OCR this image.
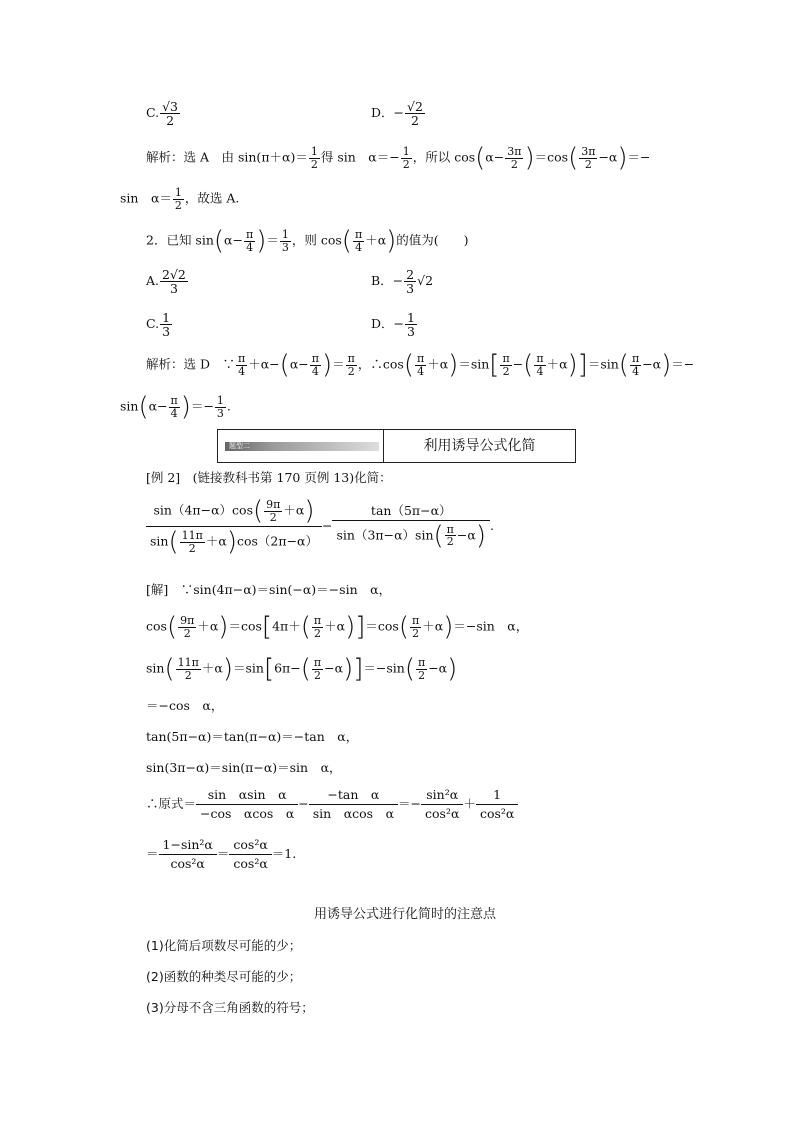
C. $\frac{√3}{2}$	D．− $\frac{√2}{2}$
解析：选 A　由 $\sin(\pi+\alpha)= \frac{1}{2}$ 得 sin　$\alpha=- \frac{1}{2}$ ，所以 $\cos(\alpha- \frac{3\pi}{2} )=\cos( \frac{3\pi}{2} -\alpha)=-$
sin　$\alpha= \frac{1}{2}$ ，故选 A.
2．已知 $\sin(\alpha- \frac{\pi}{4}$ )＝ $\frac{1}{3}$ ，则 $\cos( \frac{\pi}{4} +\alpha)$的值为(　　)
A. $\frac{2√2}{3}$	B．− $\frac{2}{3} √2$
C. $\frac{1}{3}$	D．− $\frac{1}{3}$
解析：选 D　∵ $\frac{\pi}{4} +\alpha-(\alpha- \frac{\pi}{4}$ )＝ $\frac{\pi}{2}$ ，∴cos( $\frac{\pi}{4} +\alpha)=\sin[ \frac{\pi}{2}$ −( $\frac{\pi}{4} +\alpha)]=\sin( \frac{\pi}{4} -\alpha)=-$
$\sin(\alpha- \frac{\pi}{4}$ )＝− $\frac{1}{3}$ .
题型二	利用诱导公式化简
[例 2]　(链接教科书第 170 页例 13)化简：
$\frac{\sin(4\pi-\alpha)\cos( \frac{9\pi}{2} +\alpha)}{\sin( \frac{11\pi}{2} +\alpha)\cos(2\pi-\alpha)} - \frac{\tan(5\pi-\alpha)}{\sin(3\pi-\alpha)\sin( \frac{\pi}{2} -\alpha)}$ .
[解]　∵sin(4π−α)＝sin(−α)＝−sin　α，
$\cos( \frac{9\pi}{2} +\alpha)=\cos[4\pi+( \frac{\pi}{2} +\alpha)]=\cos( \frac{\pi}{2} +\alpha)=-\sin$　α，
$\sin( \frac{11\pi}{2} +\alpha)=\sin[6\pi-( \frac{\pi}{2} -\alpha)]=-\sin( \frac{\pi}{2} -\alpha)$
＝−cos　α，
tan(5π−α)＝tan(π−α)＝−tan　α，
sin(3π−α)＝sin(π−α)＝sin　α，
∴原式＝ $\frac{\text{sin　αsin　α}}{\text{−cos　αcos　α}} - \frac{\text{−tan　α}}{\text{sin　αcos　α}} =- \frac{\text{sin²α}}{\text{cos²α}} + \frac{1}{\text{cos²α}}$
＝ $\frac{\text{1−sin²α}}{\text{cos²α}} = \frac{\text{cos²α}}{\text{cos²α}} =1$.
用诱导公式进行化简时的注意点
(1)化简后项数尽可能的少；
(2)函数的种类尽可能的少；
(3)分母不含三角函数的符号；
